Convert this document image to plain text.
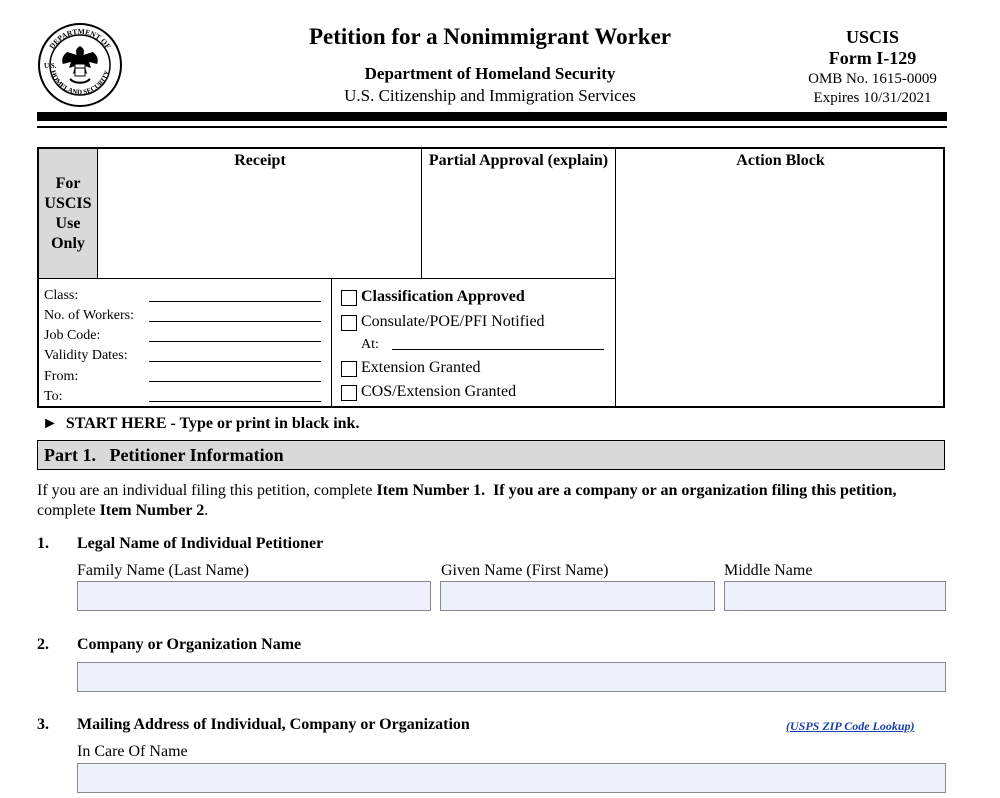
DEPARTMENT OF
HOMELAND SECURITY
U.S.
Petition for a Nonimmigrant Worker
Department of Homeland Security
U.S. Citizenship and Immigration Services
USCIS
Form I-129
OMB No. 1615-0009
Expires 10/31/2021
For
USCIS
Use
Only
Receipt	Partial Approval (explain)	Action Block
Class:
No. of Workers:
Job Code:
Validity Dates:
From:
To:
Classification Approved
Consulate/POE/PFI Notified
At:
Extension Granted
COS/Extension Granted
► START HERE - Type or print in black ink.
Part 1.   Petitioner Information
If you are an individual filing this petition, complete Item Number 1.  If you are a company or an organization filing this petition,
complete Item Number 2.
1. Legal Name of Individual Petitioner
Family Name (Last Name)	Given Name (First Name)	Middle Name
2. Company or Organization Name
3. Mailing Address of Individual, Company or Organization	(USPS ZIP Code Lookup)
In Care Of Name
